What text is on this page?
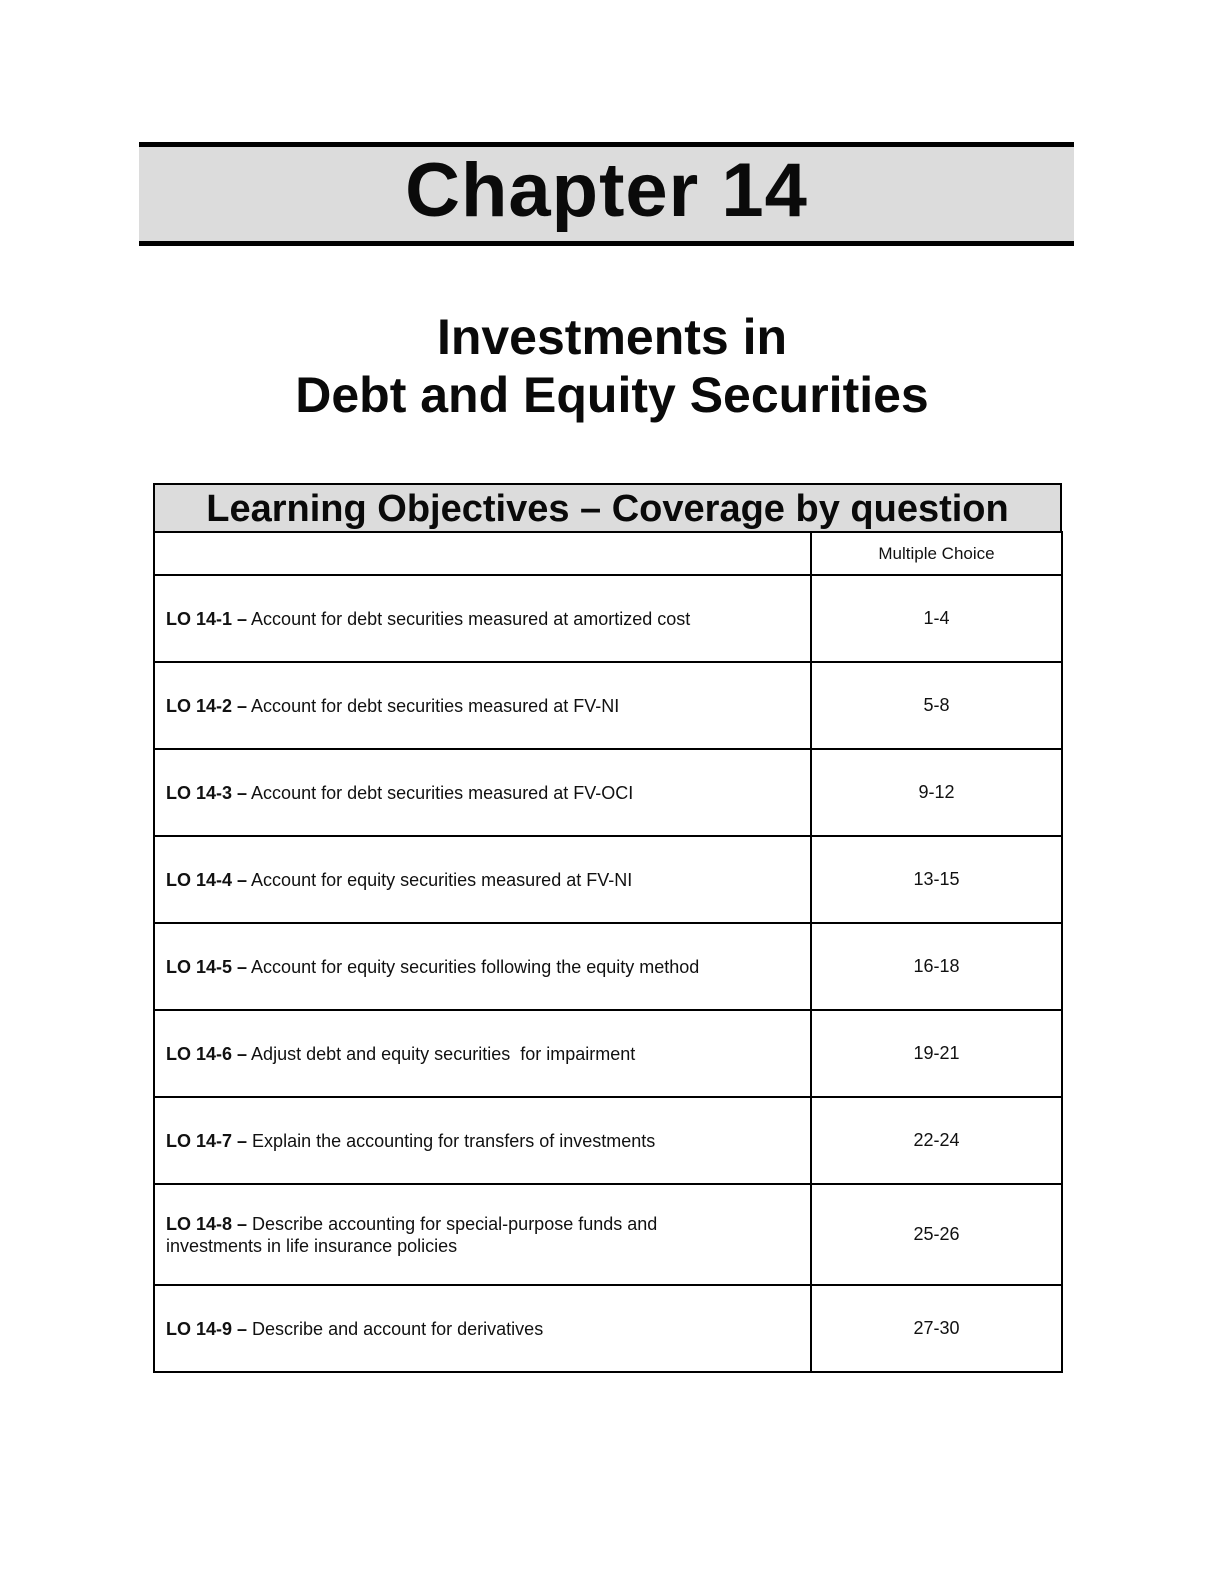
Chapter 14
Investments in
Debt and Equity Securities
Learning Objectives – Coverage by question
	Multiple Choice
LO 14-1 – Account for debt securities measured at amortized cost	1-4
LO 14-2 – Account for debt securities measured at FV-NI	5-8
LO 14-3 – Account for debt securities measured at FV-OCI	9-12
LO 14-4 – Account for equity securities measured at FV-NI	13-15
LO 14-5 – Account for equity securities following the equity method	16-18
LO 14-6 – Adjust debt and equity securities  for impairment	19-21
LO 14-7 – Explain the accounting for transfers of investments	22-24
LO 14-8 – Describe accounting for special-purpose funds and investments in life insurance policies	25-26
LO 14-9 – Describe and account for derivatives	27-30
